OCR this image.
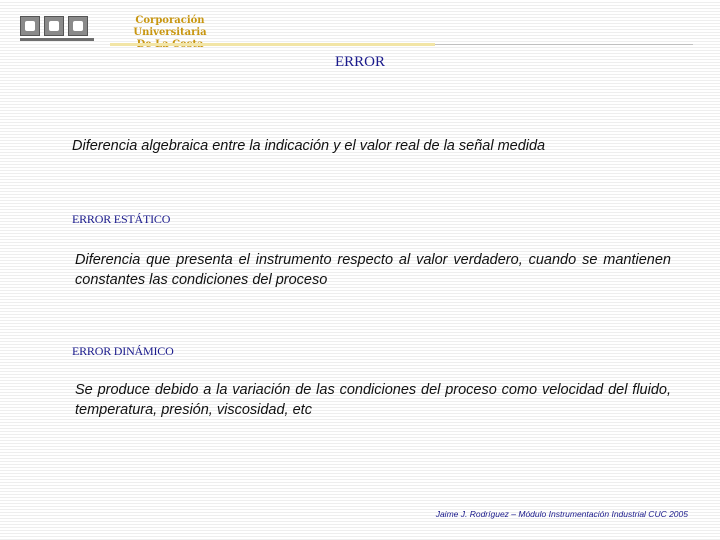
Corporación Universitaria
ERROR
Diferencia algebraica entre la indicación y el valor real de la señal medida
ERROR ESTÁTICO
Diferencia que presenta el instrumento respecto al valor verdadero, cuando se mantienen constantes las condiciones del proceso
ERROR DINÁMICO
Se produce debido a la variación de las condiciones del proceso como velocidad del fluido, temperatura, presión, viscosidad, etc
Jaime J. Rodríguez – Módulo Instrumentación Industrial CUC 2005
